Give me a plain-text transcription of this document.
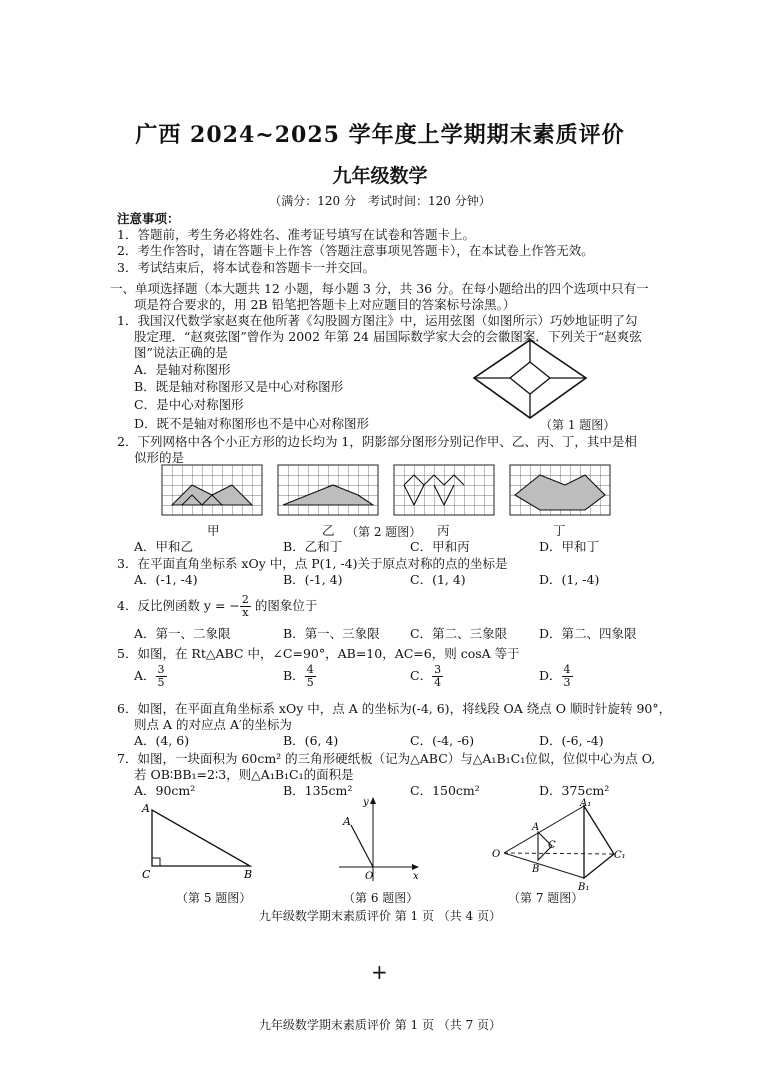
广西 2024~2025 学年度上学期期末素质评价
九年级数学
（满分：120 分　考试时间：120 分钟）
注意事项：
1．答题前，考生务必将姓名、准考证号填写在试卷和答题卡上。
2．考生作答时，请在答题卡上作答（答题注意事项见答题卡），在本试卷上作答无效。
3．考试结束后，将本试卷和答题卡一并交回。
一、单项选择题（本大题共 12 小题，每小题 3 分，共 36 分。在每小题给出的四个选项中只有一
项是符合要求的，用 2B 铅笔把答题卡上对应题目的答案标号涂黑。）
1．我国汉代数学家赵爽在他所著《勾股圆方图注》中，运用弦图（如图所示）巧妙地证明了勾
股定理．“赵爽弦图”曾作为 2002 年第 24 届国际数学家大会的会徽图案．下列关于“赵爽弦
图”说法正确的是
A．是轴对称图形
B．既是轴对称图形又是中心对称图形
C．是中心对称图形
D．既不是轴对称图形也不是中心对称图形	（第 1 题图）
2．下列网格中各个小正方形的边长均为 1，阴影部分图形分别记作甲、乙、丙、丁，其中是相
似形的是
甲	乙 （第 2 题图） 丙	丁
A．甲和乙	B．乙和丁	C．甲和丙	D．甲和丁
3．在平面直角坐标系 xOy 中，点 P(1, -4)关于原点对称的点的坐标是
A．(-1, -4)	B．(-1, 4)	C．(1, 4)	D．(1, -4)
4．反比例函数 y = − $\frac{2}{x}$ 的图象位于
A．第一、二象限	B．第一、三象限 C．第二、三象限	D．第二、四象限
5．如图，在 Rt△ABC 中，∠C=90°，AB=10，AC=6，则 cosA 等于
A． $\frac{3}{5}$	B． $\frac{4}{5}$	C． $\frac{3}{4}$	D． $\frac{4}{3}$
6．如图，在平面直角坐标系 xOy 中，点 A 的坐标为(-4, 6)，将线段 OA 绕点 O 顺时针旋转 90°，
则点 A 的对应点 A′的坐标为
A．(4, 6)	B．(6, 4)	C．(-4, -6)	D．(-6, -4)
7．如图，一块面积为 60cm² 的三角形硬纸板（记为△ABC）与△A₁B₁C₁位似，位似中心为点 O,
若 OB∶BB₁=2∶3，则△A₁B₁C₁的面积是
A．90cm²	B．135cm²	C．150cm²	D．375cm²
A
C	B
（第 5 题图）
y
A
O	x
（第 6 题图）
A₁
A
C
O	C₁
B
B₁
（第 7 题图）
九年级数学期末素质评价 第 1 页 （共 4 页）
+
九年级数学期末素质评价 第 1 页 （共 7 页）
